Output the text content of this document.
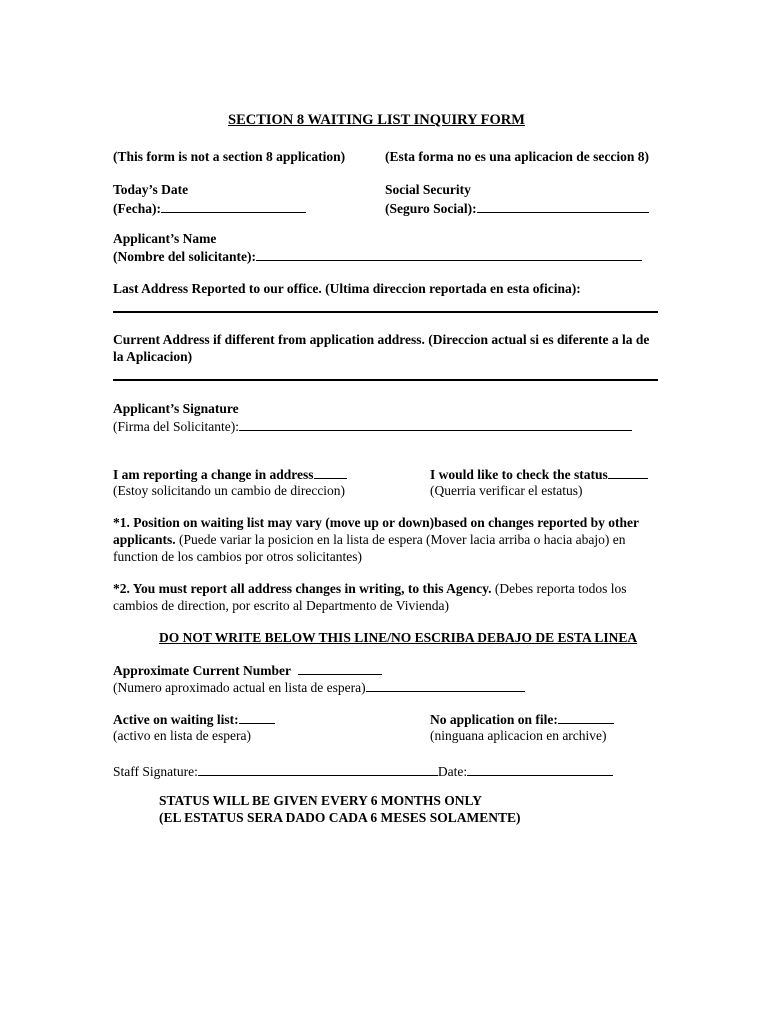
SECTION 8 WAITING LIST INQUIRY FORM
(This form is not a section 8 application)	(Esta forma no es una aplicacion de seccion 8)
Today’s Date
(Fecha):
Social Security
(Seguro Social):
Applicant’s Name
(Nombre del solicitante):
Last Address Reported to our office. (Ultima direccion reportada en esta oficina):
Current Address if different from application address. (Direccion actual si es diferente a la de la Aplicacion)
Applicant’s Signature
(Firma del Solicitante):
I am reporting a change in address
(Estoy solicitando un cambio de direccion)
I would like to check the status
(Querria verificar el estatus)
*1. Position on waiting list may vary (move up or down)based on changes reported by other applicants. (Puede variar la posicion en la lista de espera (Mover lacia arriba o hacia abajo) en function de los cambios por otros solicitantes)
*2. You must report all address changes in writing, to this Agency. (Debes reporta todos los cambios de direction, por escrito al Departmento de Vivienda)
DO NOT WRITE BELOW THIS LINE/NO ESCRIBA DEBAJO DE ESTA LINEA
Approximate Current Number
(Numero aproximado actual en lista de espera)
Active on waiting list:
(activo en lista de espera)
No application on file:
(ninguana aplicacion en archive)
Staff Signature:	Date:
STATUS WILL BE GIVEN EVERY 6 MONTHS ONLY
(EL ESTATUS SERA DADO CADA 6 MESES SOLAMENTE)
